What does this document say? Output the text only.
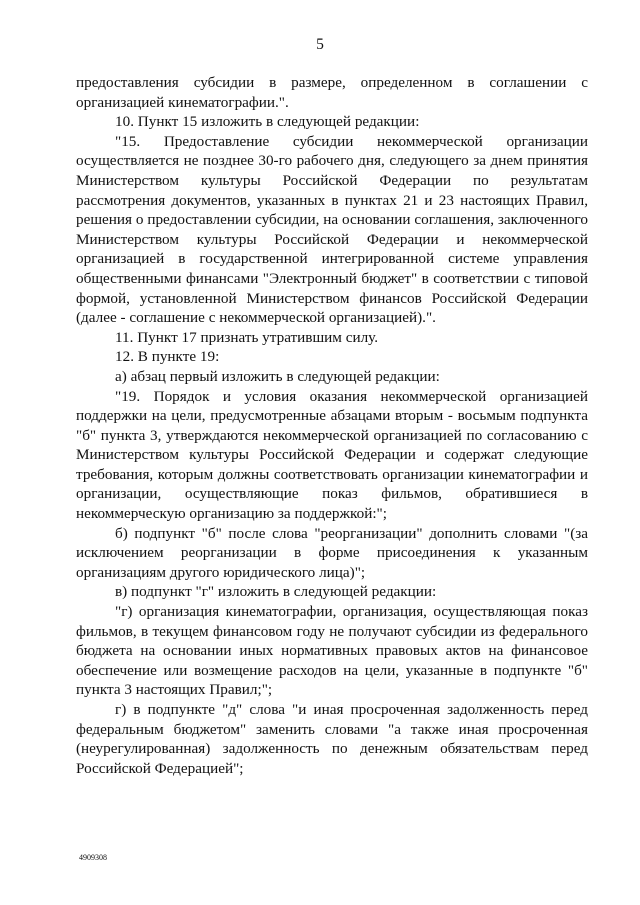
5

предоставления субсидии в размере, определенном в соглашении с организацией кинематографии.".

10. Пункт 15 изложить в следующей редакции:

"15. Предоставление субсидии некоммерческой организации осуществляется не позднее 30-го рабочего дня, следующего за днем принятия Министерством культуры Российской Федерации по результатам рассмотрения документов, указанных в пунктах 21 и 23 настоящих Правил, решения о предоставлении субсидии, на основании соглашения, заключенного Министерством культуры Российской Федерации и некоммерческой организацией в государственной интегрированной системе управления общественными финансами "Электронный бюджет" в соответствии с типовой формой, установленной Министерством финансов Российской Федерации (далее - соглашение с некоммерческой организацией).".

11. Пункт 17 признать утратившим силу.

12. В пункте 19:

а) абзац первый изложить в следующей редакции:

"19. Порядок и условия оказания некоммерческой организацией поддержки на цели, предусмотренные абзацами вторым - восьмым подпункта "б" пункта 3, утверждаются некоммерческой организацией по согласованию с Министерством культуры Российской Федерации и содержат следующие требования, которым должны соответствовать организации кинематографии и организации, осуществляющие показ фильмов, обратившиеся в некоммерческую организацию за поддержкой:";

б) подпункт "б" после слова "реорганизации" дополнить словами "(за исключением реорганизации в форме присоединения к указанным организациям другого юридического лица)";

в) подпункт "г" изложить в следующей редакции:

"г) организация кинематографии, организация, осуществляющая показ фильмов, в текущем финансовом году не получают субсидии из федерального бюджета на основании иных нормативных правовых актов на финансовое обеспечение или возмещение расходов на цели, указанные в подпункте "б" пункта 3 настоящих Правил;";

г) в подпункте "д" слова "и иная просроченная задолженность перед федеральным бюджетом" заменить словами "а также иная просроченная (неурегулированная) задолженность по денежным обязательствам перед Российской Федерацией";

4909308
